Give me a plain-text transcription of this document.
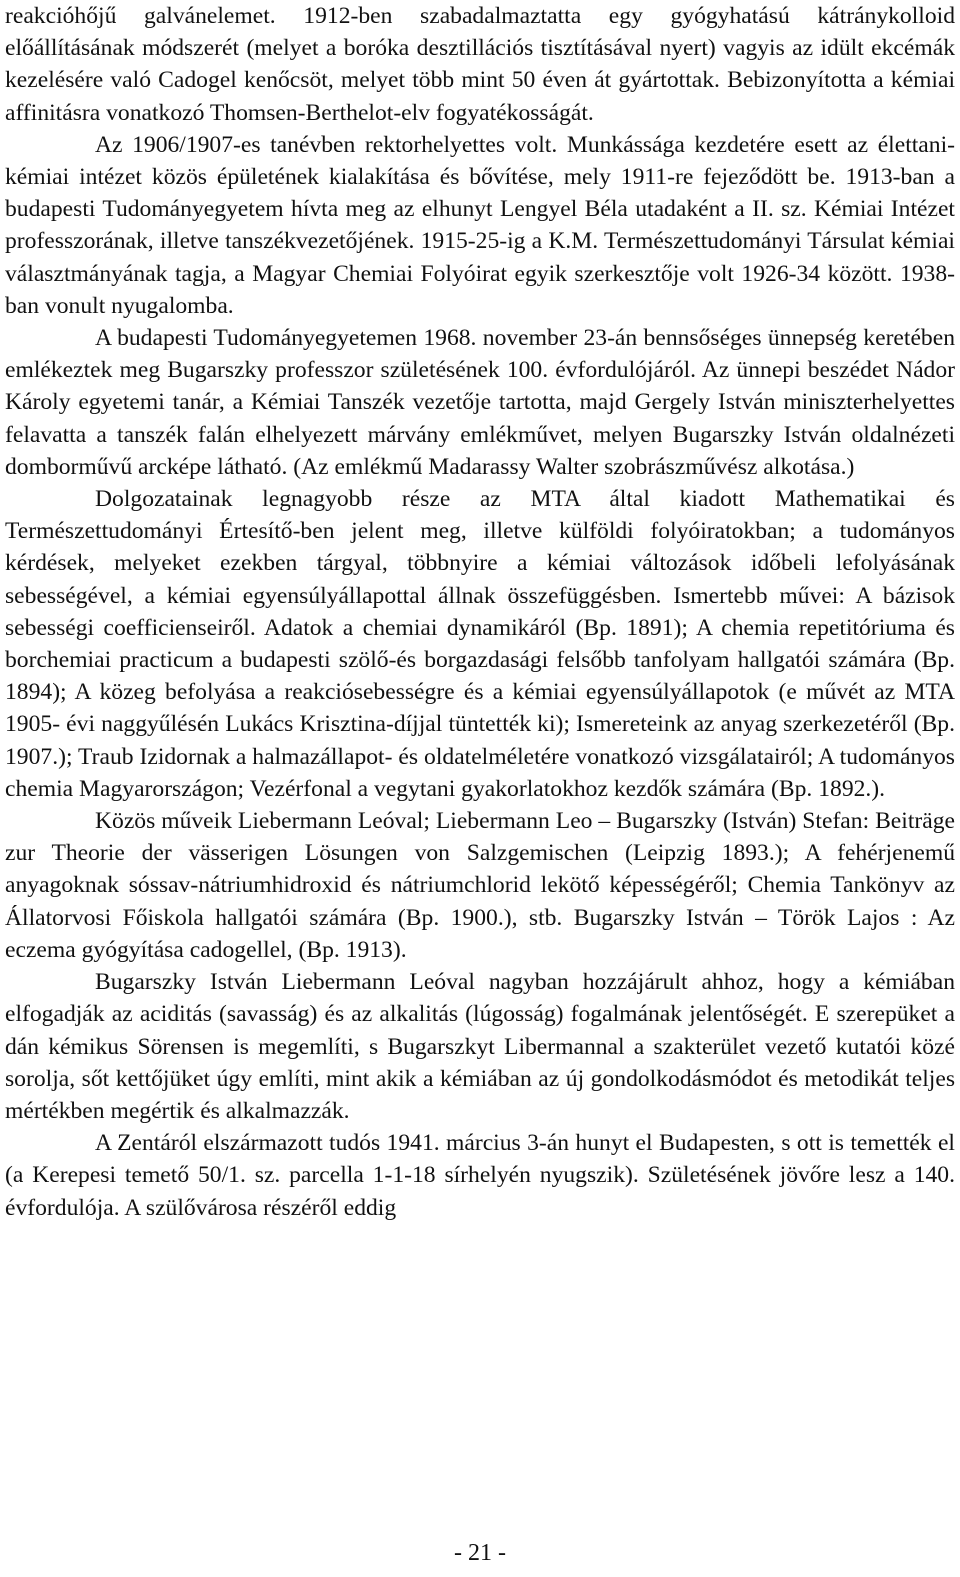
reakcióhőjű galvánelemet. 1912-ben szabadalmaztatta egy gyógyhatású kátránykolloid előállításának módszerét (melyet a boróka desztillációs tisztításával nyert) vagyis az idült ekcémák kezelésére való Cadogel kenőcsöt, melyet több mint 50 éven át gyártottak. Bebizonyította a kémiai affinitásra vonatkozó Thomsen-Berthelot-elv fogyatékosságát.

Az 1906/1907-es tanévben rektorhelyettes volt. Munkássága kezdetére esett az élettani-kémiai intézet közös épületének kialakítása és bővítése, mely 1911-re fejeződött be. 1913-ban a budapesti Tudományegyetem hívta meg az elhunyt Lengyel Béla utadaként a II. sz. Kémiai Intézet professzorának, illetve tanszékvezetőjének. 1915-25-ig a K.M. Természettudományi Társulat kémiai választmányának tagja, a Magyar Chemiai Folyóirat egyik szerkesztője volt 1926-34 között. 1938-ban vonult nyugalomba.

A budapesti Tudományegyetemen 1968. november 23-án bennsőséges ünnepség keretében emlékeztek meg Bugarszky professzor születésének 100. évfordulójáról. Az ünnepi beszédet Nádor Károly egyetemi tanár, a Kémiai Tanszék vezetője tartotta, majd Gergely István miniszterhelyettes felavatta a tanszék falán elhelyezett márvány emlékművet, melyen Bugarszky István oldalnézeti domborművű arcképe látható. (Az emlékmű Madarassy Walter szobrászművész alkotása.)

Dolgozatainak legnagyobb része az MTA által kiadott Mathematikai és Természettudományi Értesítő-ben jelent meg, illetve külföldi folyóiratokban; a tudományos kérdések, melyeket ezekben tárgyal, többnyire a kémiai változások időbeli lefolyásának sebességével, a kémiai egyensúlyállapottal állnak összefüggésben. Ismertebb művei: A bázisok sebességi coefficienseiről. Adatok a chemiai dynamikáról (Bp. 1891); A chemia repetitóriuma és borchemiai practicum a budapesti szölő-és borgazdasági felsőbb tanfolyam hallgatói számára (Bp. 1894); A közeg befolyása a reakciósebességre és a kémiai egyensúlyállapotok (e művét az MTA 1905- évi naggyűlésén Lukács Krisztina-díjjal tüntették ki); Ismereteink az anyag szerkezetéről (Bp. 1907.); Traub Izidornak a halmazállapot- és oldatelméletére vonatkozó vizsgálatairól; A tudományos chemia Magyarországon; Vezérfonal a vegytani gyakorlatokhoz kezdők számára (Bp. 1892.).

Közös műveik Liebermann Leóval; Liebermann Leo – Bugarszky (István) Stefan: Beiträge zur Theorie der vässerigen Lösungen von Salzgemischen (Leipzig 1893.); A fehérjenemű anyagoknak sóssav-nátriumhidroxid és nátriumchlorid lekötő képességéről; Chemia Tankönyv az Állatorvosi Főiskola hallgatói számára (Bp. 1900.), stb. Bugarszky István – Török Lajos : Az eczema gyógyítása cadogellel, (Bp. 1913).

Bugarszky István Liebermann Leóval nagyban hozzájárult ahhoz, hogy a kémiában elfogadják az aciditás (savasság) és az alkalitás (lúgosság) fogalmának jelentőségét. E szerepüket a dán kémikus Sörensen is megemlíti, s Bugarszkyt Libermannal a szakterület vezető kutatói közé sorolja, sőt kettőjüket úgy említi, mint akik a kémiában az új gondolkodásmódot és metodikát teljes mértékben megértik és alkalmazzák.

A Zentáról elszármazott tudós 1941. március 3-án hunyt el Budapesten, s ott is temették el (a Kerepesi temető 50/1. sz. parcella 1-1-18 sírhelyén nyugszik). Születésének jövőre lesz a 140. évfordulója. A szülővárosa részéről eddig

- 21 -
